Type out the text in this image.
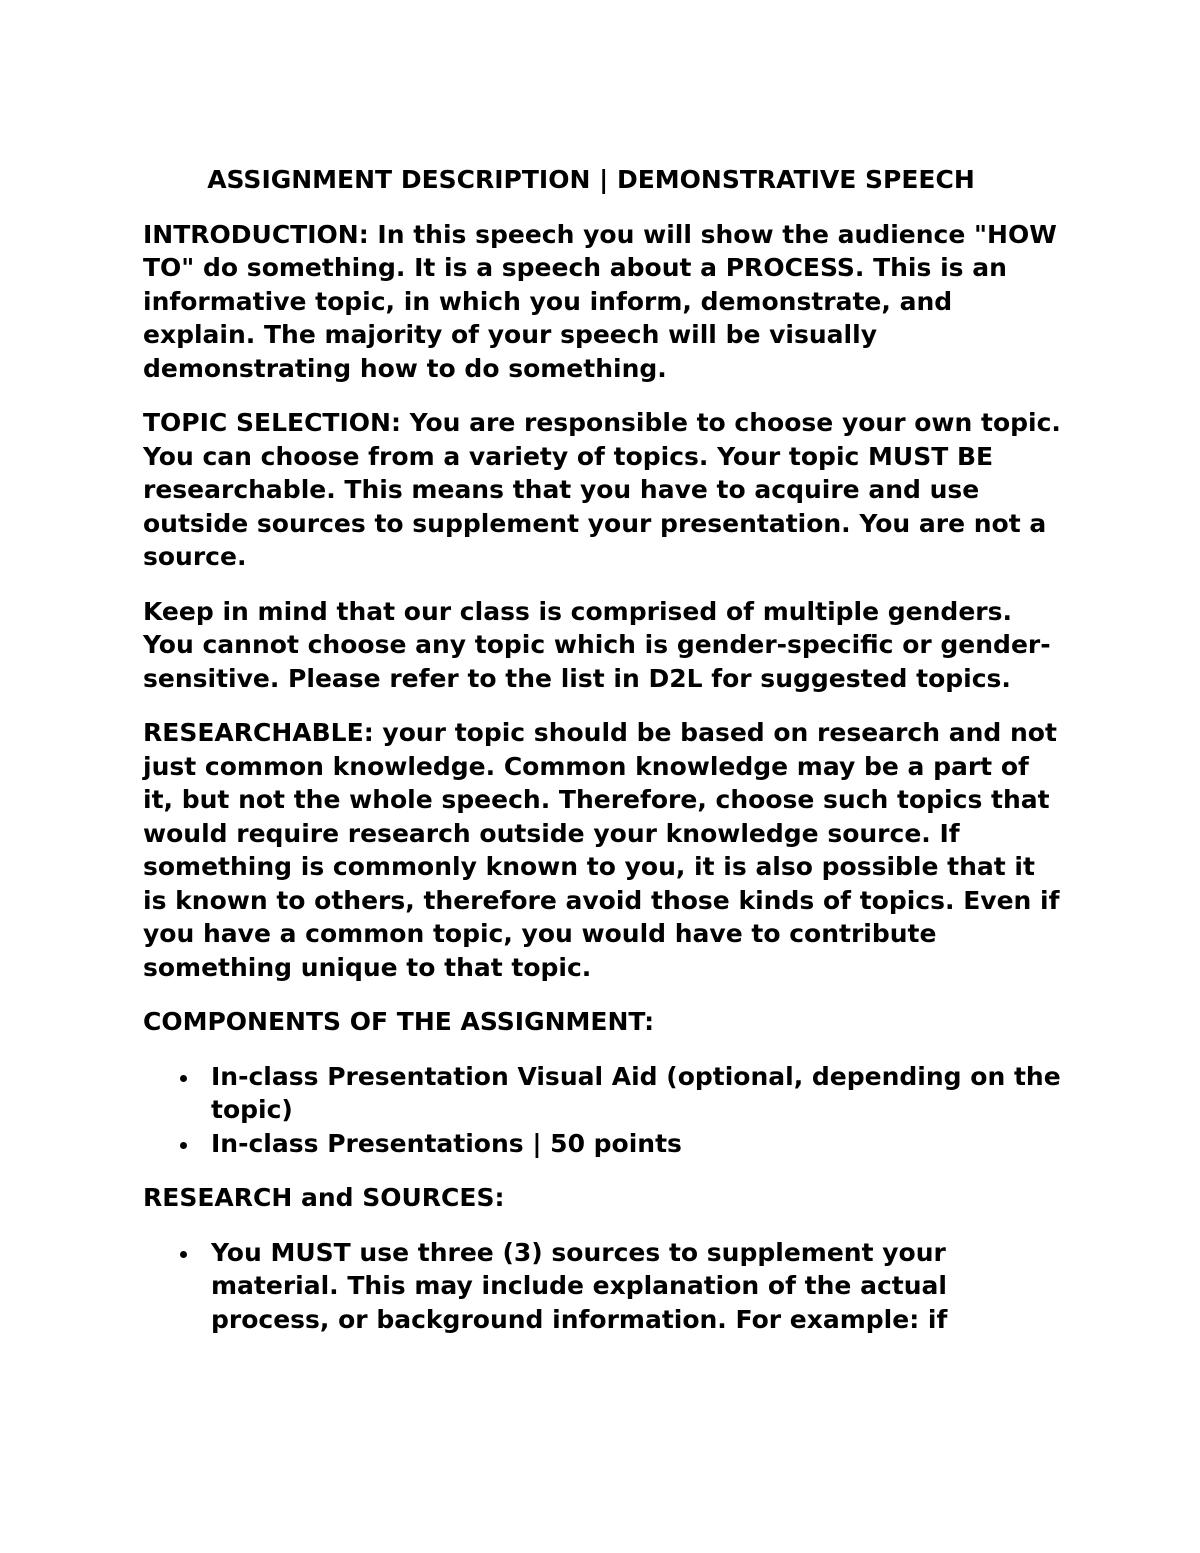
ASSIGNMENT DESCRIPTION | DEMONSTRATIVE SPEECH

INTRODUCTION: In this speech you will show the audience "HOW TO" do something. It is a speech about a PROCESS. This is an informative topic, in which you inform, demonstrate, and explain. The majority of your speech will be visually demonstrating how to do something.

TOPIC SELECTION: You are responsible to choose your own topic. You can choose from a variety of topics. Your topic MUST BE researchable. This means that you have to acquire and use outside sources to supplement your presentation. You are not a source.

Keep in mind that our class is comprised of multiple genders. You cannot choose any topic which is gender-specific or gender-sensitive. Please refer to the list in D2L for suggested topics.

RESEARCHABLE: your topic should be based on research and not just common knowledge. Common knowledge may be a part of it, but not the whole speech. Therefore, choose such topics that would require research outside your knowledge source. If something is commonly known to you, it is also possible that it is known to others, therefore avoid those kinds of topics. Even if you have a common topic, you would have to contribute something unique to that topic.

COMPONENTS OF THE ASSIGNMENT:

In-class Presentation Visual Aid (optional, depending on the topic)
In-class Presentations | 50 points

RESEARCH and SOURCES:

You MUST use three (3) sources to supplement your material. This may include explanation of the actual process, or background information. For example: if
